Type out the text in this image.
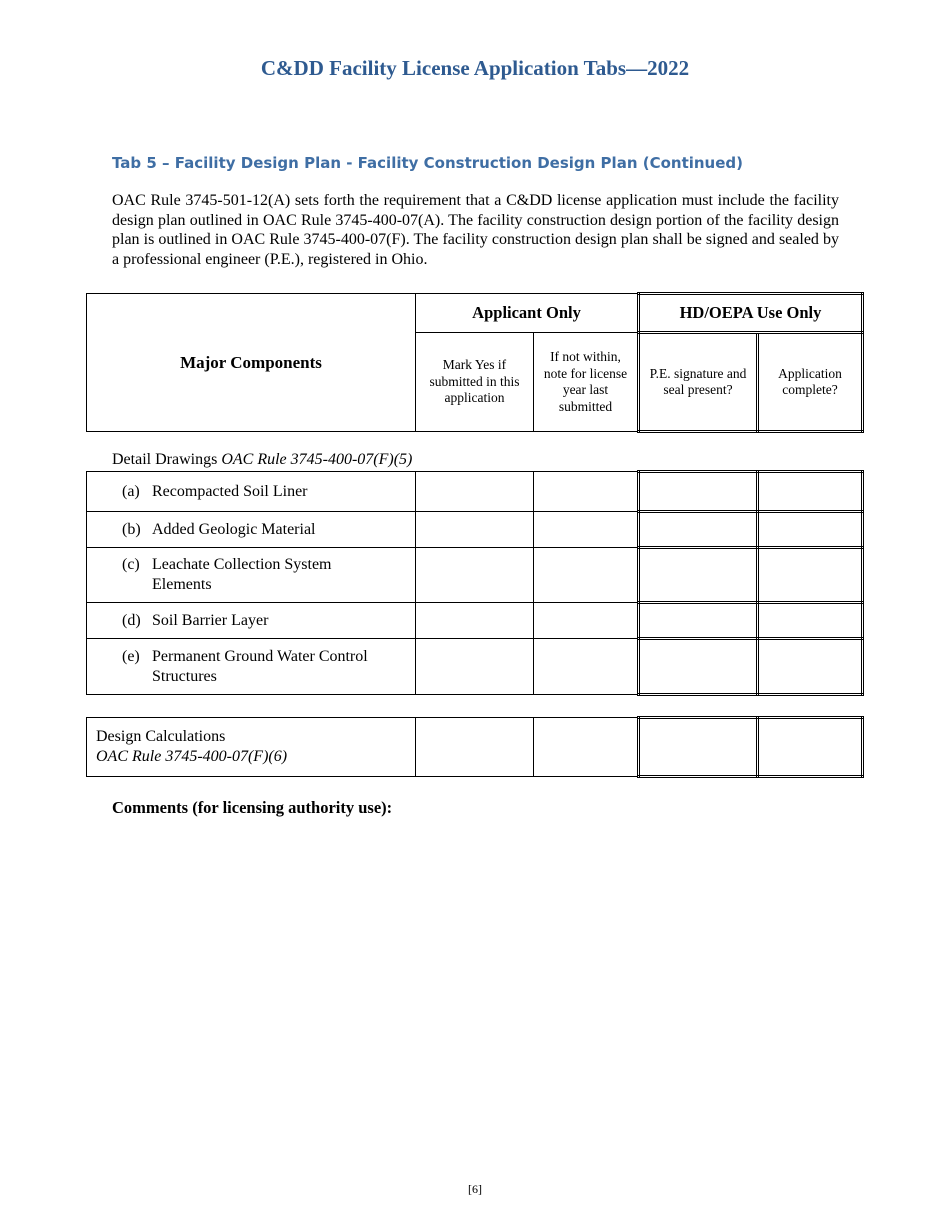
C&DD Facility License Application Tabs—2022
Tab 5 – Facility Design Plan - Facility Construction Design Plan (Continued)
OAC Rule 3745-501-12(A) sets forth the requirement that a C&DD license application must include the facility design plan outlined in OAC Rule 3745-400-07(A). The facility construction design portion of the facility design plan is outlined in OAC Rule 3745-400-07(F). The facility construction design plan shall be signed and sealed by a professional engineer (P.E.), registered in Ohio.
Major Components	Applicant Only		HD/OEPA Use Only	
	Mark Yes if submitted in this application	If not within, note for license year last submitted	P.E. signature and seal present?	Application complete?
Detail Drawings OAC Rule 3745-400-07(F)(5)
(a) Recompacted Soil Liner				
(b) Added Geologic Material				
(c) Leachate Collection System Elements				
(d) Soil Barrier Layer				
(e) Permanent Ground Water Control Structures				
Design Calculations
OAC Rule 3745-400-07(F)(6)				
Comments (for licensing authority use):
[6]
